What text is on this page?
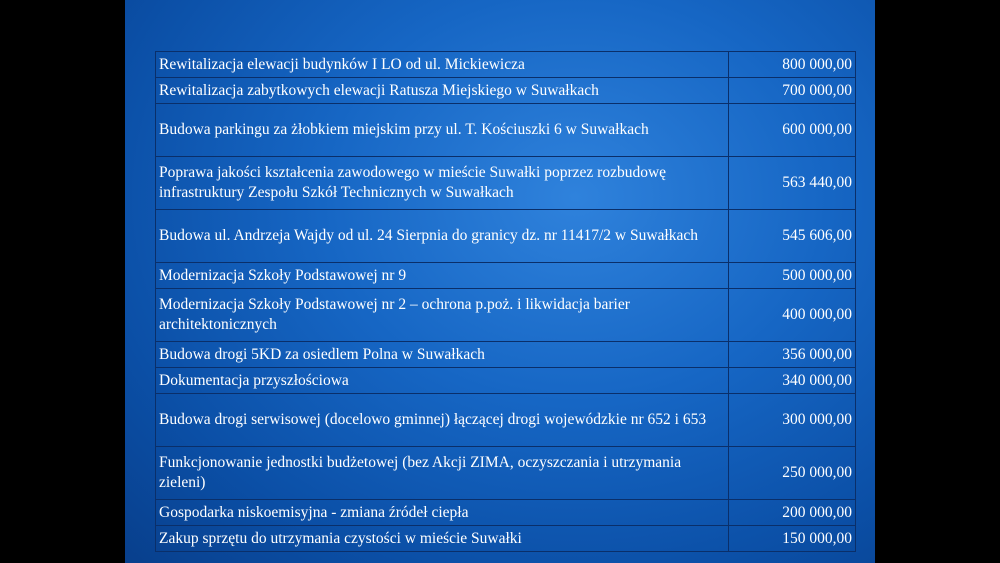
Rewitalizacja elewacji budynków I LO od ul. Mickiewicza	800 000,00
Rewitalizacja zabytkowych elewacji Ratusza Miejskiego w Suwałkach	700 000,00
Budowa parkingu za żłobkiem miejskim przy ul. T. Kościuszki 6 w Suwałkach	600 000,00
Poprawa jakości kształcenia zawodowego w mieście Suwałki poprzez rozbudowę infrastruktury Zespołu Szkół Technicznych w Suwałkach	563 440,00
Budowa ul. Andrzeja Wajdy od ul. 24 Sierpnia do granicy dz. nr 11417/2 w Suwałkach	545 606,00
Modernizacja Szkoły Podstawowej nr 9	500 000,00
Modernizacja Szkoły Podstawowej nr 2 – ochrona p.poż. i likwidacja barier architektonicznych	400 000,00
Budowa drogi 5KD za osiedlem Polna w Suwałkach	356 000,00
Dokumentacja przyszłościowa	340 000,00
Budowa drogi serwisowej (docelowo gminnej) łączącej drogi wojewódzkie nr 652 i 653	300 000,00
Funkcjonowanie jednostki budżetowej (bez Akcji ZIMA, oczyszczania i utrzymania zieleni)	250 000,00
Gospodarka niskoemisyjna - zmiana źródeł ciepła	200 000,00
Zakup sprzętu do utrzymania czystości w mieście Suwałki	150 000,00
